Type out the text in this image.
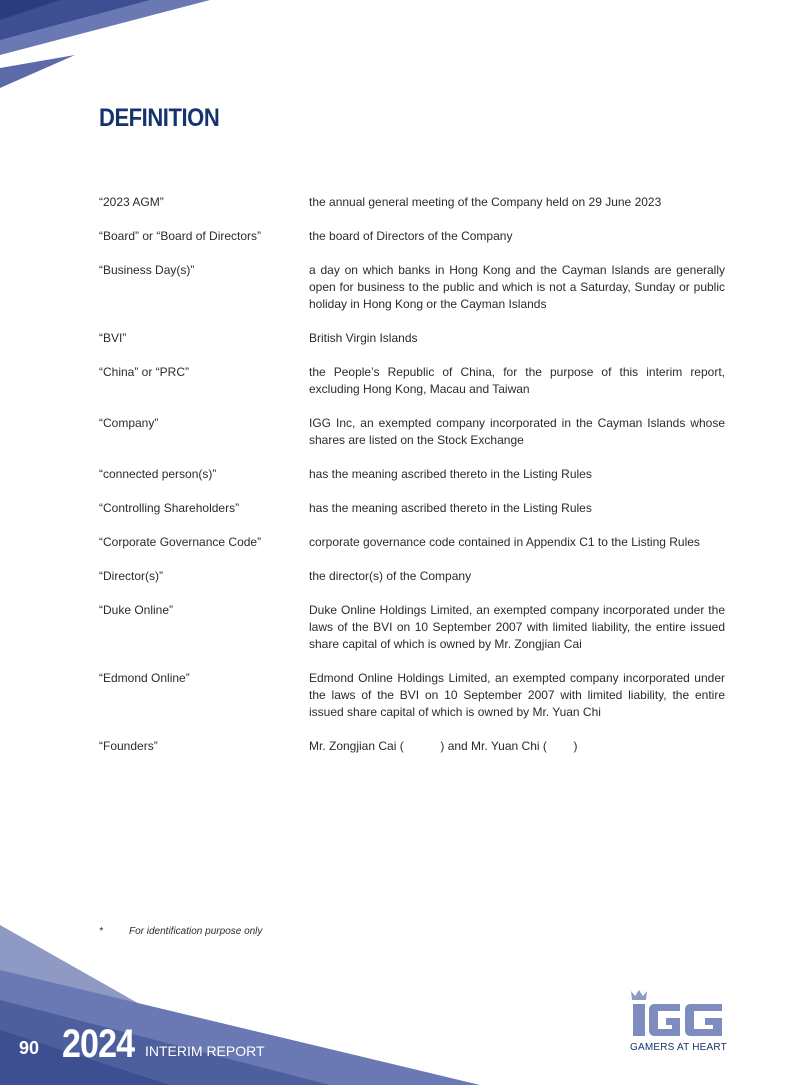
DEFINITION
“2023 AGM”	the annual general meeting of the Company held on 29 June 2023
“Board” or “Board of Directors”	the board of Directors of the Company
“Business Day(s)”	a day on which banks in Hong Kong and the Cayman Islands are generally open for business to the public and which is not a Saturday, Sunday or public holiday in Hong Kong or the Cayman Islands
“BVI”	British Virgin Islands
“China” or “PRC”	the People’s Republic of China, for the purpose of this interim report, excluding Hong Kong, Macau and Taiwan
“Company”	IGG Inc, an exempted company incorporated in the Cayman Islands whose shares are listed on the Stock Exchange
“connected person(s)”	has the meaning ascribed thereto in the Listing Rules
“Controlling Shareholders”	has the meaning ascribed thereto in the Listing Rules
“Corporate Governance Code”	corporate governance code contained in Appendix C1 to the Listing Rules
“Director(s)”	the director(s) of the Company
“Duke Online”	Duke Online Holdings Limited, an exempted company incorporated under the laws of the BVI on 10 September 2007 with limited liability, the entire issued share capital of which is owned by Mr. Zongjian Cai
“Edmond Online”	Edmond Online Holdings Limited, an exempted company incorporated under the laws of the BVI on 10 September 2007 with limited liability, the entire issued share capital of which is owned by Mr. Yuan Chi
“Founders”	Mr. Zongjian Cai (           ) and Mr. Yuan Chi (        )
*	For identification purpose only
90 2024 INTERIM REPORT	GAMERS AT HEART
